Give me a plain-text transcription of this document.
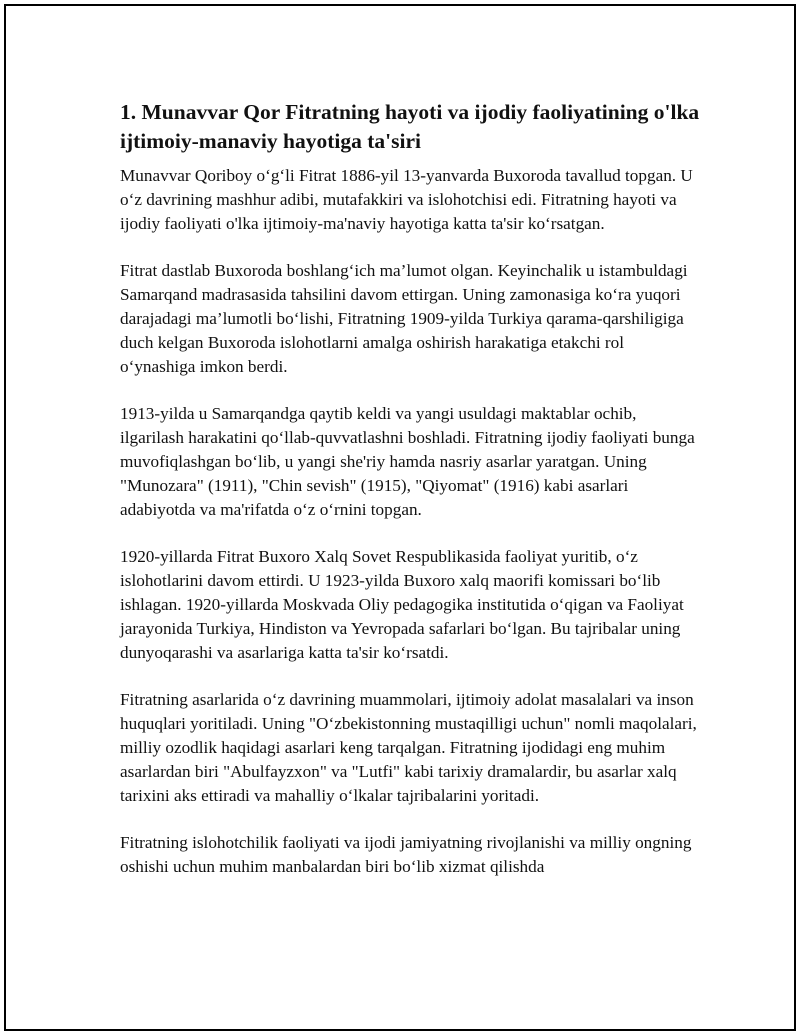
1. Munavvar Qor Fitratning hayoti va ijodiy faoliyatining o'lka ijtimoiy-manaviy hayotiga ta'siri

Munavvar Qoriboy o‘g‘li Fitrat 1886-yil 13-yanvarda Buxoroda tavallud topgan. U o‘z davrining mashhur adibi, mutafakkiri va islohotchisi edi. Fitratning hayoti va ijodiy faoliyati o'lka ijtimoiy-ma'naviy hayotiga katta ta'sir ko‘rsatgan.

Fitrat dastlab Buxoroda boshlang‘ich ma’lumot olgan. Keyinchalik u istambuldagi Samarqand madrasasida tahsilini davom ettirgan. Uning zamonasiga ko‘ra yuqori darajadagi ma’lumotli bo‘lishi, Fitratning 1909-yilda Turkiya qarama-qarshiligiga duch kelgan Buxoroda islohotlarni amalga oshirish harakatiga etakchi rol o‘ynashiga imkon berdi.

1913-yilda u Samarqandga qaytib keldi va yangi usuldagi maktablar ochib, ilgarilash harakatini qo‘llab-quvvatlashni boshladi. Fitratning ijodiy faoliyati bunga muvofiqlashgan bo‘lib, u yangi she'riy hamda nasriy asarlar yaratgan. Uning "Munozara" (1911), "Chin sevish" (1915), "Qiyomat" (1916) kabi asarlari adabiyotda va ma'rifatda o‘z o‘rnini topgan.

1920-yillarda Fitrat Buxoro Xalq Sovet Respublikasida faoliyat yuritib, o‘z islohotlarini davom ettirdi. U 1923-yilda Buxoro xalq maorifi komissari bo‘lib ishlagan. 1920-yillarda Moskvada Oliy pedagogika institutida o‘qigan va Faoliyat jarayonida Turkiya, Hindiston va Yevropada safarlari bo‘lgan. Bu tajribalar uning dunyoqarashi va asarlariga katta ta'sir ko‘rsatdi.

Fitratning asarlarida o‘z davrining muammolari, ijtimoiy adolat masalalari va inson huquqlari yoritiladi. Uning "O‘zbekistonning mustaqilligi uchun" nomli maqolalari, milliy ozodlik haqidagi asarlari keng tarqalgan. Fitratning ijodidagi eng muhim asarlardan biri "Abulfayzxon" va "Lutfi" kabi tarixiy dramalardir, bu asarlar xalq tarixini aks ettiradi va mahalliy o‘lkalar tajribalarini yoritadi.

Fitratning islohotchilik faoliyati va ijodi jamiyatning rivojlanishi va milliy ongning oshishi uchun muhim manbalardan biri bo‘lib xizmat qilishda
